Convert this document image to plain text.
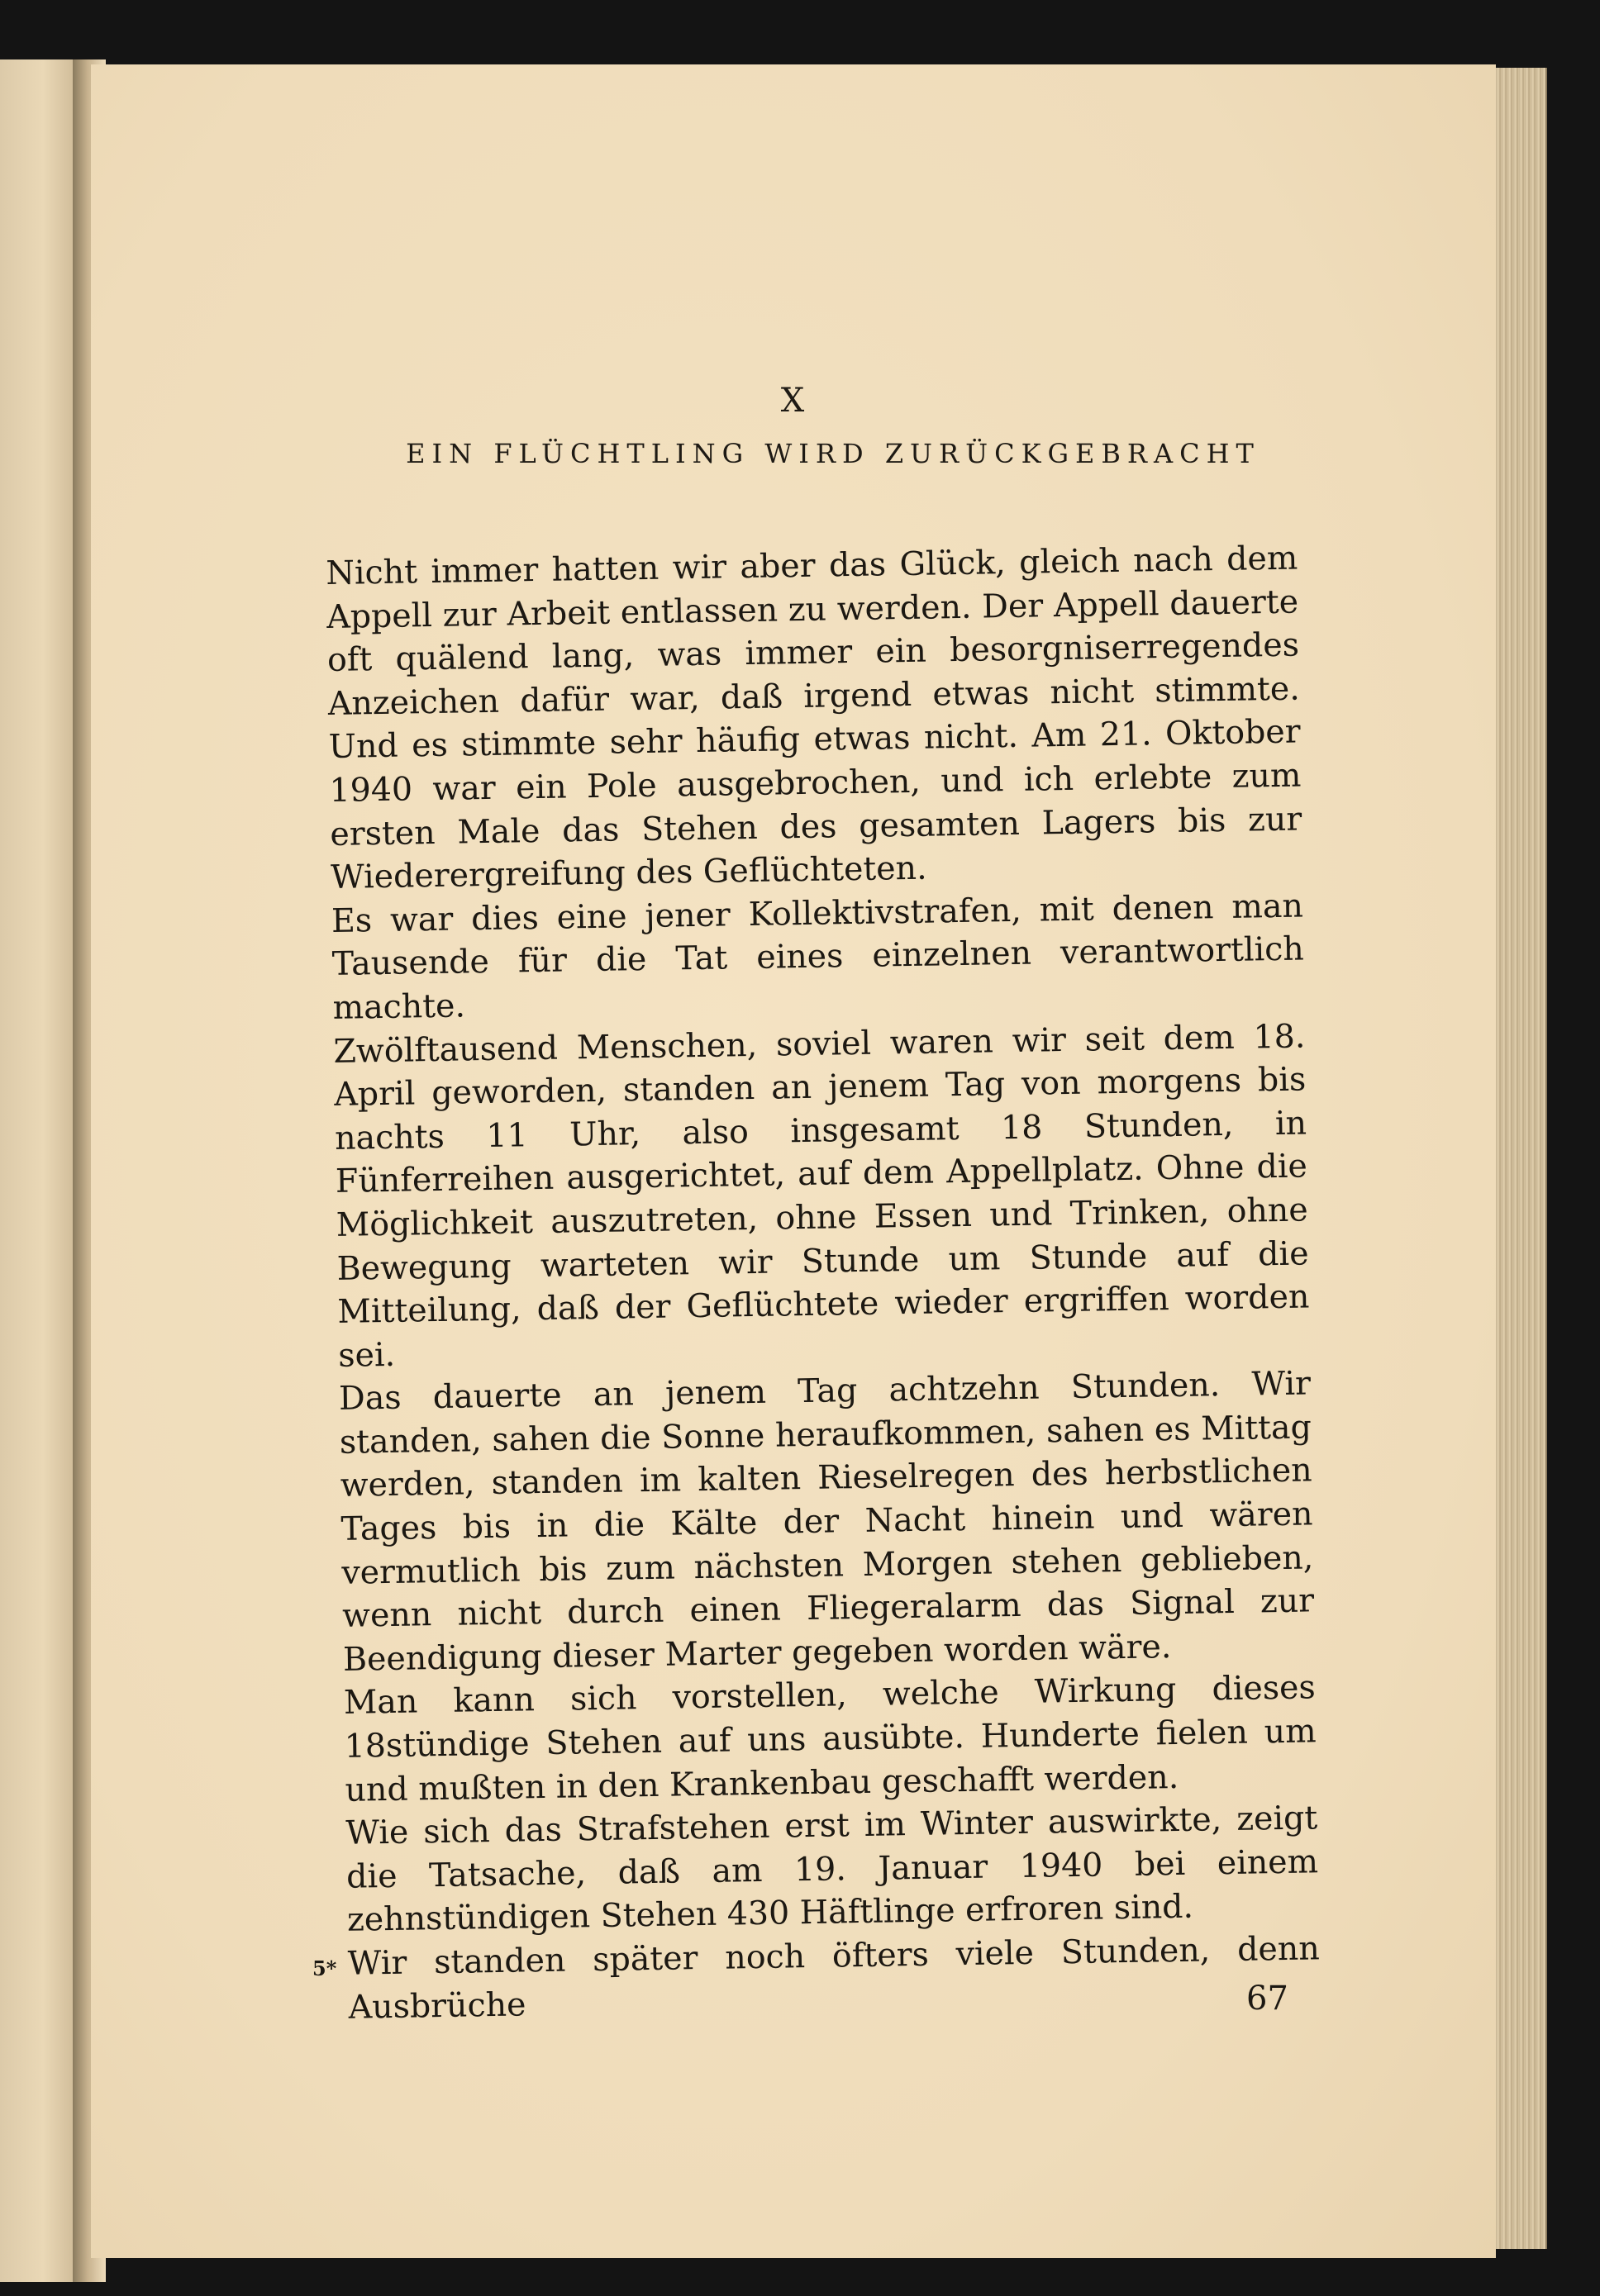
X
EIN FLÜCHTLING WIRD ZURÜCKGEBRACHT

Nicht immer hatten wir aber das Glück, gleich nach dem Appell zur Arbeit entlassen zu werden. Der Appell dauerte oft quälend lang, was immer ein besorgniserregendes Anzeichen dafür war, daß irgend etwas nicht stimmte. Und es stimmte sehr häufig etwas nicht. Am 21. Oktober 1940 war ein Pole ausgebrochen, und ich erlebte zum ersten Male das Stehen des gesamten Lagers bis zur Wiederergreifung des Geflüchteten.

Es war dies eine jener Kollektivstrafen, mit denen man Tausende für die Tat eines einzelnen verantwortlich machte.

Zwölftausend Menschen, soviel waren wir seit dem 18. April geworden, standen an jenem Tag von morgens bis nachts 11 Uhr, also insgesamt 18 Stunden, in Fünferreihen ausgerichtet, auf dem Appellplatz. Ohne die Möglichkeit auszutreten, ohne Essen und Trinken, ohne Bewegung warteten wir Stunde um Stunde auf die Mitteilung, daß der Geflüchtete wieder ergriffen worden sei.

Das dauerte an jenem Tag achtzehn Stunden. Wir standen, sahen die Sonne heraufkommen, sahen es Mittag werden, standen im kalten Rieselregen des herbstlichen Tages bis in die Kälte der Nacht hinein und wären vermutlich bis zum nächsten Morgen stehen geblieben, wenn nicht durch einen Fliegeralarm das Signal zur Beendigung dieser Marter gegeben worden wäre.

Man kann sich vorstellen, welche Wirkung dieses 18stündige Stehen auf uns ausübte. Hunderte fielen um und mußten in den Krankenbau geschafft werden.

Wie sich das Strafstehen erst im Winter auswirkte, zeigt die Tatsache, daß am 19. Januar 1940 bei einem zehnstündigen Stehen 430 Häftlinge erfroren sind.

Wir standen später noch öfters viele Stunden, denn Ausbrüche

5*
67
